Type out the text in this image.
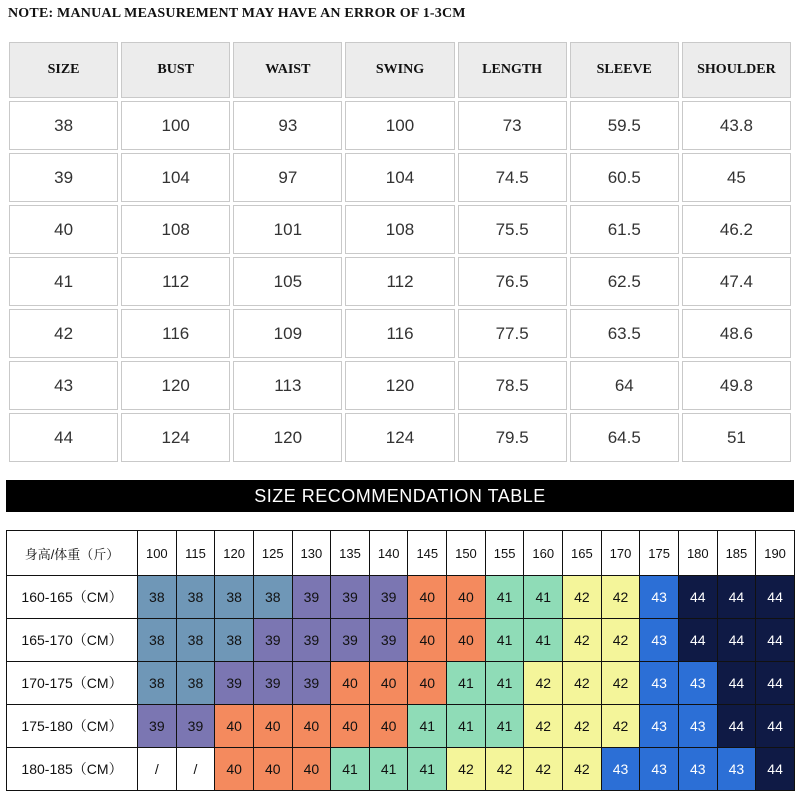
NOTE: MANUAL MEASUREMENT MAY HAVE AN ERROR OF 1-3CM
SIZE	BUST	WAIST	SWING	LENGTH	SLEEVE	SHOULDER
38	100	93	100	73	59.5	43.8
39	104	97	104	74.5	60.5	45
40	108	101	108	75.5	61.5	46.2
41	112	105	112	76.5	62.5	47.4
42	116	109	116	77.5	63.5	48.6
43	120	113	120	78.5	64	49.8
44	124	120	124	79.5	64.5	51
SIZE RECOMMENDATION TABLE
身高/体重（斤）	100	115	120	125	130	135	140	145	150	155	160	165	170	175	180	185	190
160-165（CM）	38	38	38	38	39	39	39	40	40	41	41	42	42	43	44	44	44
165-170（CM）	38	38	38	39	39	39	39	40	40	41	41	42	42	43	44	44	44
170-175（CM）	38	38	39	39	39	40	40	40	41	41	42	42	42	43	43	44	44
175-180（CM）	39	39	40	40	40	40	40	41	41	41	42	42	42	43	43	44	44
180-185（CM）	/	/	40	40	40	41	41	41	42	42	42	42	43	43	43	43	44
